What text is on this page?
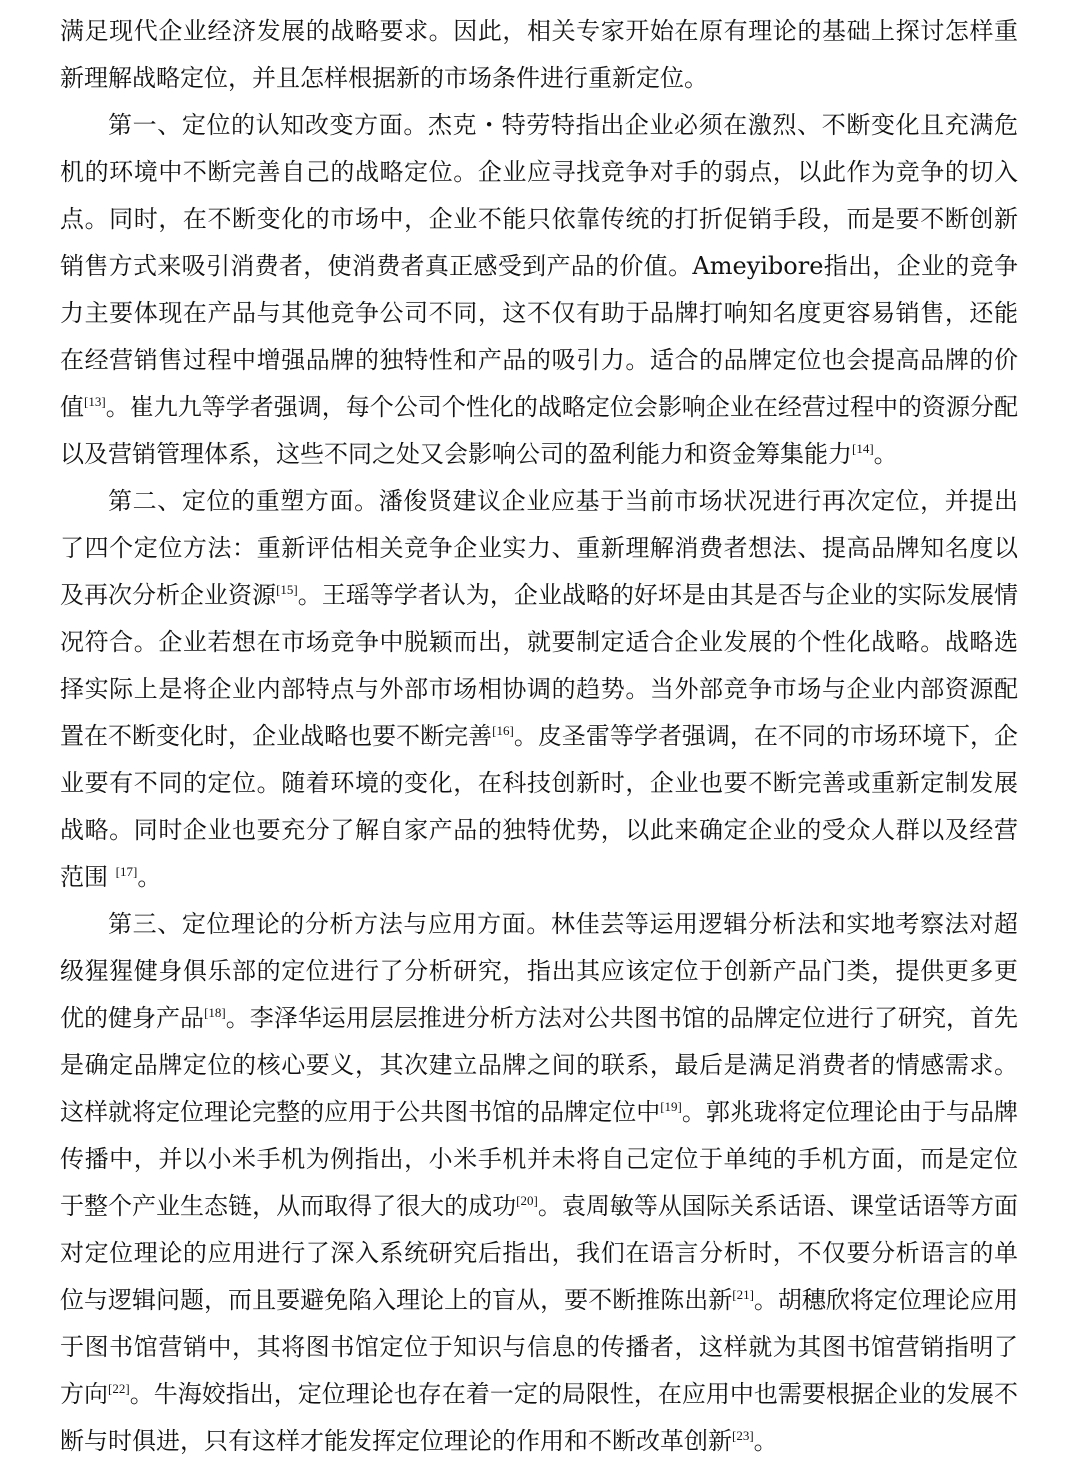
满足现代企业经济发展的战略要求。因此，相关专家开始在原有理论的基础上探讨怎样重新理解战略定位，并且怎样根据新的市场条件进行重新定位。

第一、定位的认知改变方面。杰克・特劳特指出企业必须在激烈、不断变化且充满危机的环境中不断完善自己的战略定位。企业应寻找竞争对手的弱点，以此作为竞争的切入点。同时，在不断变化的市场中，企业不能只依靠传统的打折促销手段，而是要不断创新销售方式来吸引消费者，使消费者真正感受到产品的价值。Ameyibore指出，企业的竞争力主要体现在产品与其他竞争公司不同，这不仅有助于品牌打响知名度更容易销售，还能在经营销售过程中增强品牌的独特性和产品的吸引力。适合的品牌定位也会提高品牌的价值[13]。崔九九等学者强调，每个公司个性化的战略定位会影响企业在经营过程中的资源分配以及营销管理体系，这些不同之处又会影响公司的盈利能力和资金筹集能力[14]。

第二、定位的重塑方面。潘俊贤建议企业应基于当前市场状况进行再次定位，并提出了四个定位方法：重新评估相关竞争企业实力、重新理解消费者想法、提高品牌知名度以及再次分析企业资源[15]。王瑶等学者认为，企业战略的好坏是由其是否与企业的实际发展情况符合。企业若想在市场竞争中脱颖而出，就要制定适合企业发展的个性化战略。战略选择实际上是将企业内部特点与外部市场相协调的趋势。当外部竞争市场与企业内部资源配置在不断变化时，企业战略也要不断完善[16]。皮圣雷等学者强调，在不同的市场环境下，企业要有不同的定位。随着环境的变化，在科技创新时，企业也要不断完善或重新定制发展战略。同时企业也要充分了解自家产品的独特优势，以此来确定企业的受众人群以及经营范围 [17]。

第三、定位理论的分析方法与应用方面。林佳芸等运用逻辑分析法和实地考察法对超级猩猩健身俱乐部的定位进行了分析研究，指出其应该定位于创新产品门类，提供更多更优的健身产品[18]。李泽华运用层层推进分析方法对公共图书馆的品牌定位进行了研究，首先是确定品牌定位的核心要义，其次建立品牌之间的联系，最后是满足消费者的情感需求。这样就将定位理论完整的应用于公共图书馆的品牌定位中[19]。郭兆珑将定位理论由于与品牌传播中，并以小米手机为例指出，小米手机并未将自己定位于单纯的手机方面，而是定位于整个产业生态链，从而取得了很大的成功[20]。袁周敏等从国际关系话语、课堂话语等方面对定位理论的应用进行了深入系统研究后指出，我们在语言分析时，不仅要分析语言的单位与逻辑问题，而且要避免陷入理论上的盲从，要不断推陈出新[21]。胡穗欣将定位理论应用于图书馆营销中，其将图书馆定位于知识与信息的传播者，这样就为其图书馆营销指明了方向[22]。牛海姣指出，定位理论也存在着一定的局限性，在应用中也需要根据企业的发展不断与时俱进，只有这样才能发挥定位理论的作用和不断改革创新[23]。
